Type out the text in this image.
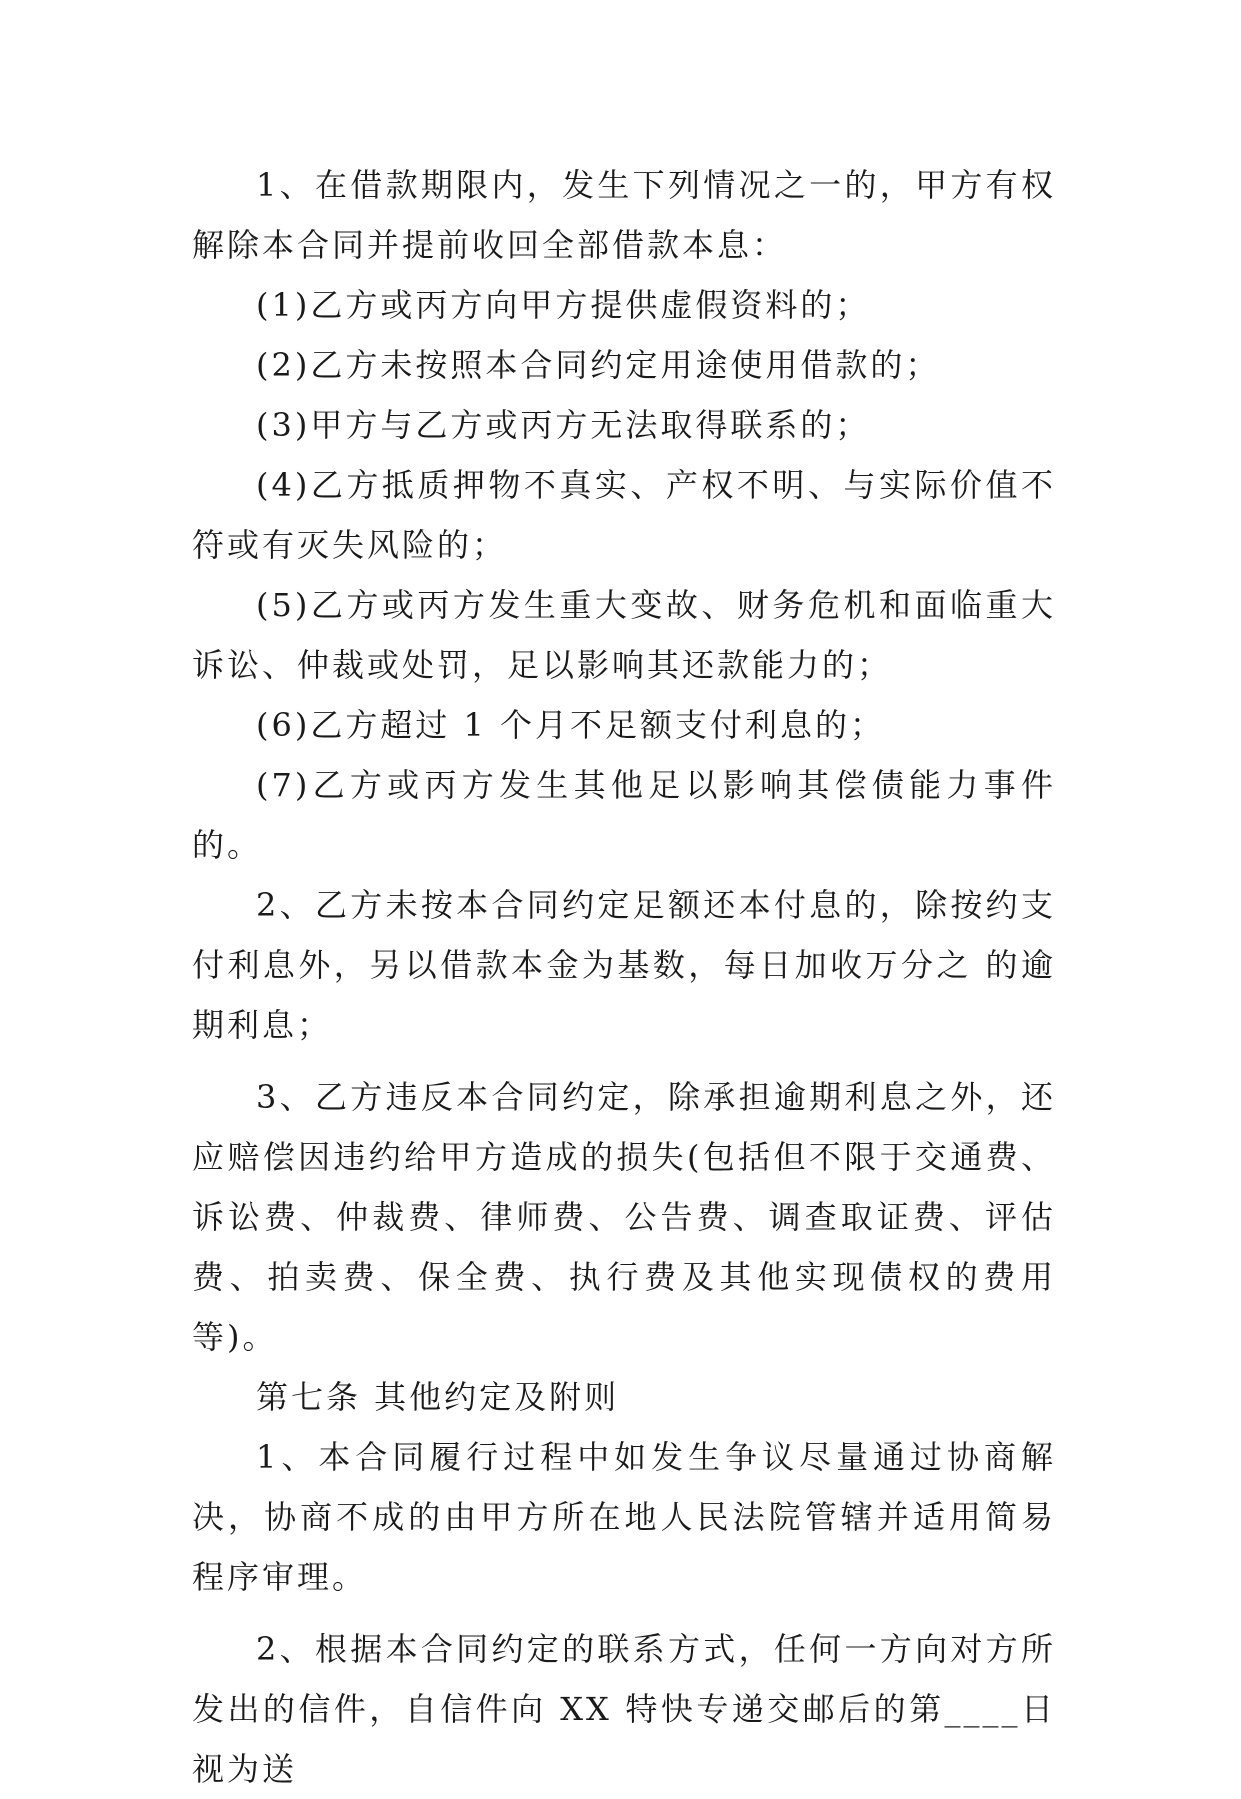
1、在借款期限内，发生下列情况之一的，甲方有权解除本合同并提前收回全部借款本息：

(1)乙方或丙方向甲方提供虚假资料的；

(2)乙方未按照本合同约定用途使用借款的；

(3)甲方与乙方或丙方无法取得联系的；

(4)乙方抵质押物不真实、产权不明、与实际价值不符或有灭失风险的；

(5)乙方或丙方发生重大变故、财务危机和面临重大诉讼、仲裁或处罚，足以影响其还款能力的；

(6)乙方超过 1 个月不足额支付利息的；

(7)乙方或丙方发生其他足以影响其偿债能力事件的。

2、乙方未按本合同约定足额还本付息的，除按约支付利息外，另以借款本金为基数，每日加收万分之 的逾期利息；

3、乙方违反本合同约定，除承担逾期利息之外，还应赔偿因违约给甲方造成的损失(包括但不限于交通费、诉讼费、仲裁费、律师费、公告费、调查取证费、评估费、拍卖费、保全费、执行费及其他实现债权的费用等)。

第七条 其他约定及附则

1、本合同履行过程中如发生争议尽量通过协商解决，协商不成的由甲方所在地人民法院管辖并适用简易程序审理。

2、根据本合同约定的联系方式，任何一方向对方所发出的信件，自信件向 XX 特快专递交邮后的第____日视为送
